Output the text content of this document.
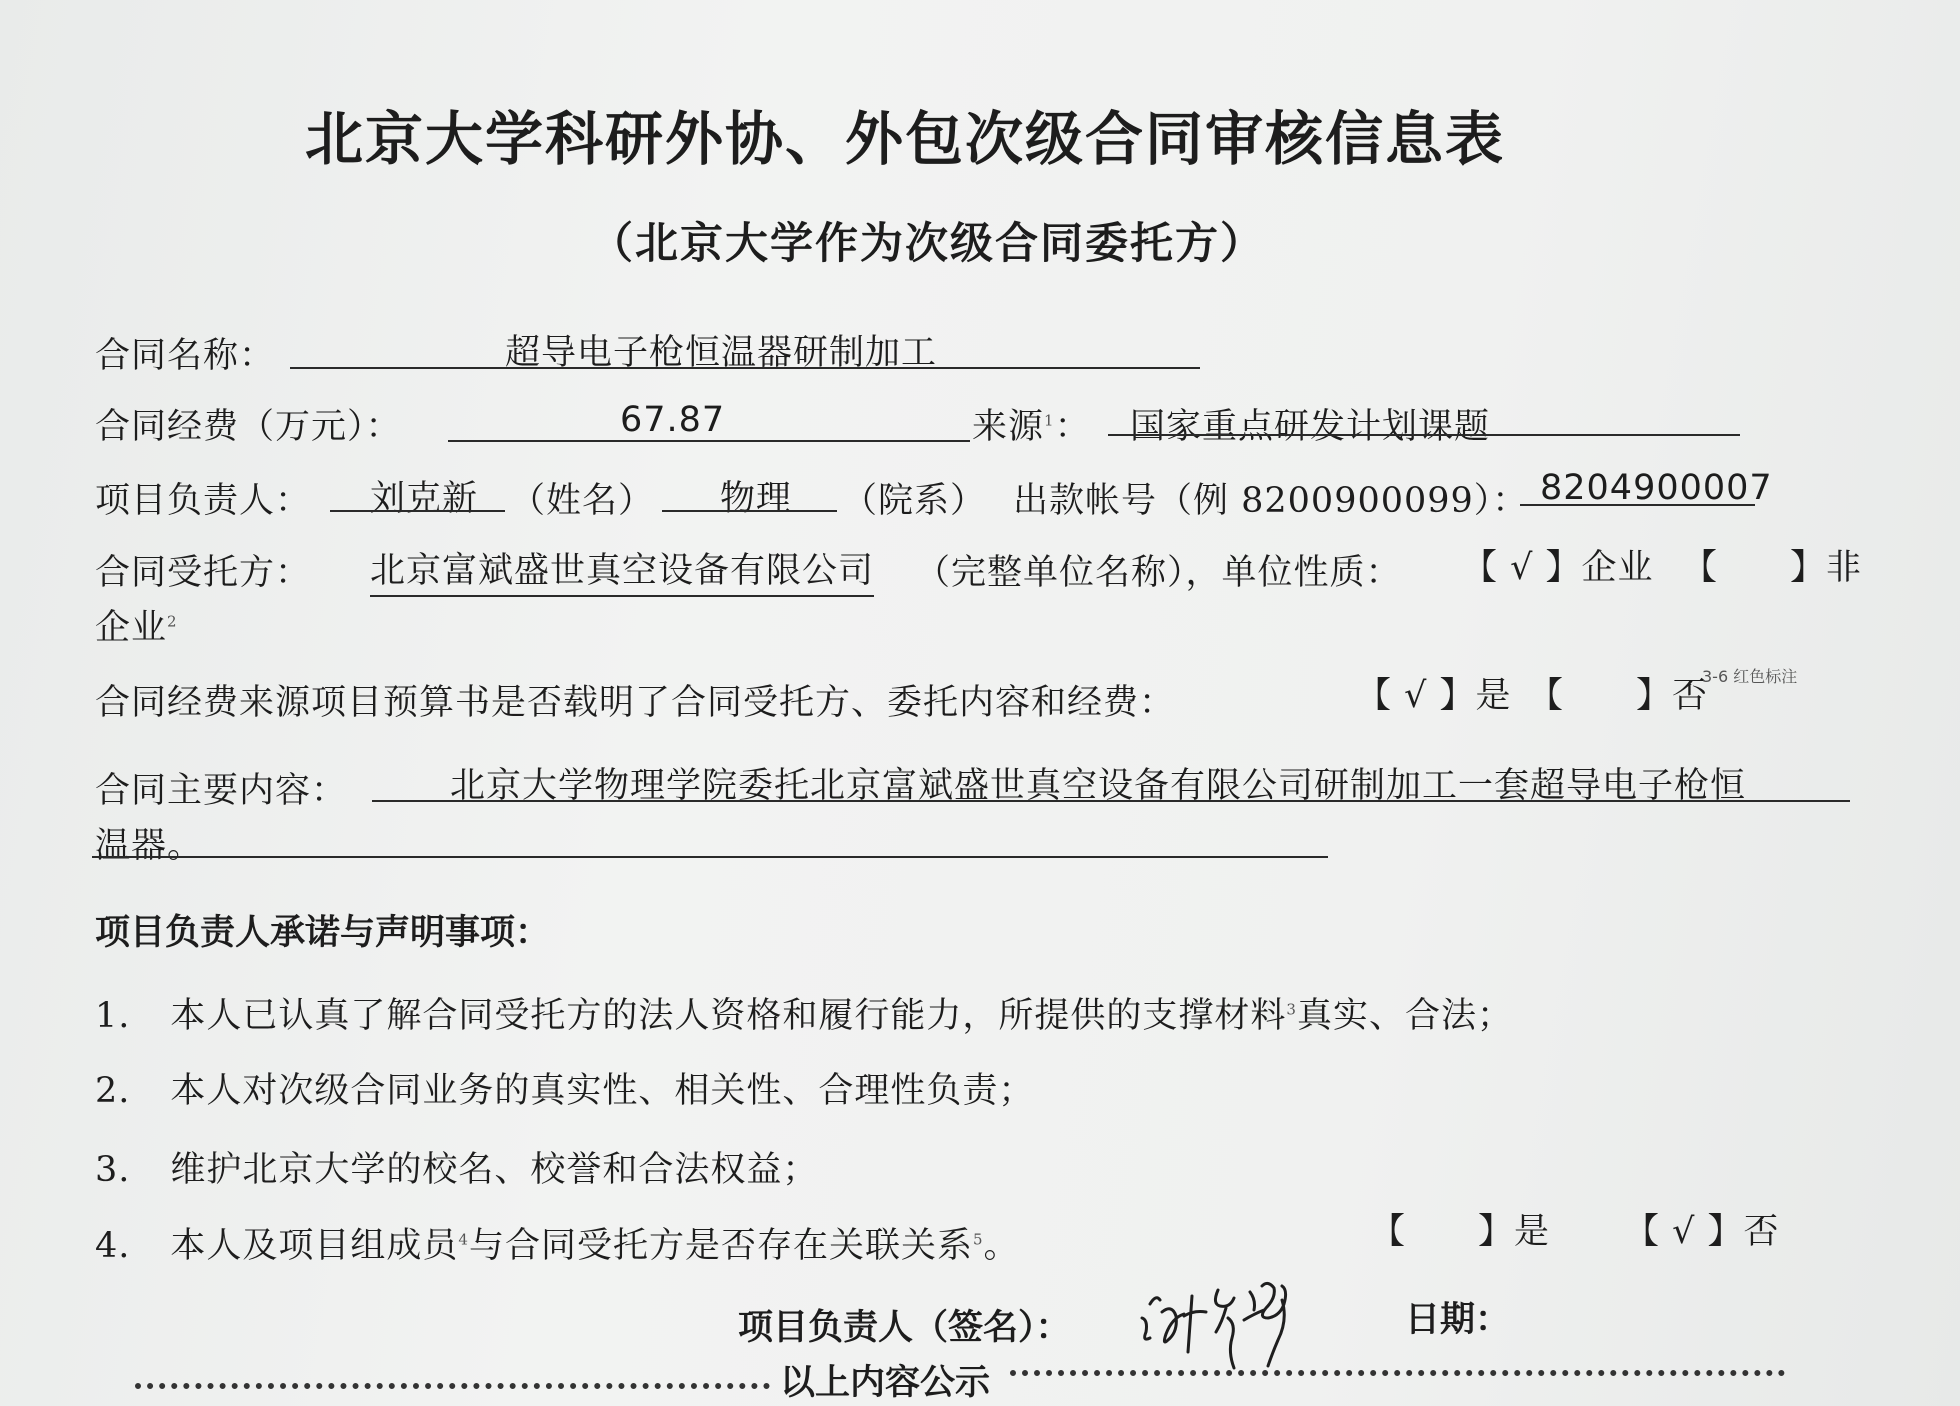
北京大学科研外协、外包次级合同审核信息表
（北京大学作为次级合同委托方）
合同名称：	超导电子枪恒温器研制加工
合同经费（万元）：	67.87	来源$^1$： 国家重点研发计划课题
项目负责人： 刘克新 （姓名） 物理 （院系） 出款帐号（例 8200900099）： 8204900007
合同受托方： 北京富斌盛世真空设备有限公司 （完整单位名称），单位性质： 【 √ 】企业 【　　】非
企业$^2$
合同经费来源项目预算书是否载明了合同受托方、委托内容和经费：	【 √ 】是 【　　】否
3-6 红色标注
合同主要内容：	北京大学物理学院委托北京富斌盛世真空设备有限公司研制加工一套超导电子枪恒
温器。
项目负责人承诺与声明事项：
1. 本人已认真了解合同受托方的法人资格和履行能力，所提供的支撑材料$^3$真实、合法；
2. 本人对次级合同业务的真实性、相关性、合理性负责；
3. 维护北京大学的校名、校誉和合法权益；
4. 本人及项目组成员$^4$与合同受托方是否存在关联关系$^5$。	【　　】是 【 √ 】否
项目负责人（签名）：	日期：
以上内容公示
